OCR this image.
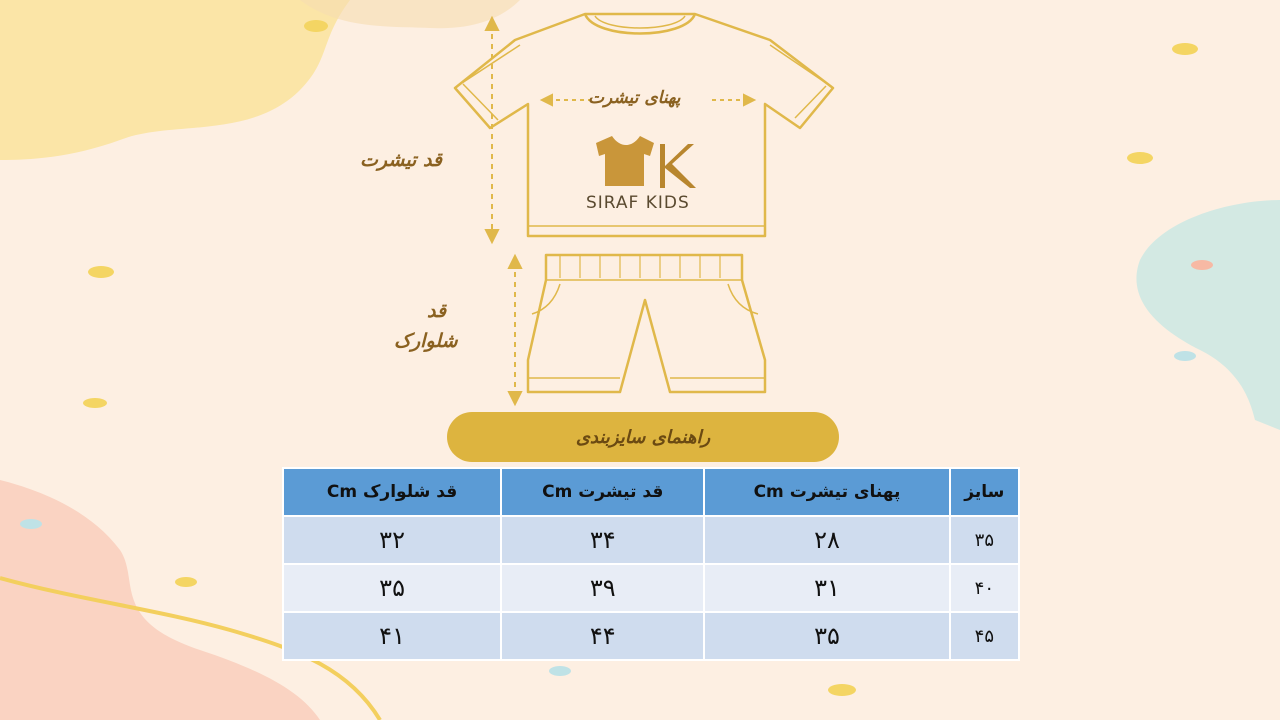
پهنای تیشرت
قد تیشرت
قد
شلوارک
SIRAF KIDS
راهنمای سایزبندی
سایز	پهنای تیشرت Cm	قد تیشرت Cm	قد شلوارک Cm
۳۵	۲۸	۳۴	۳۲
۴۰	۳۱	۳۹	۳۵
۴۵	۳۵	۴۴	۴۱
